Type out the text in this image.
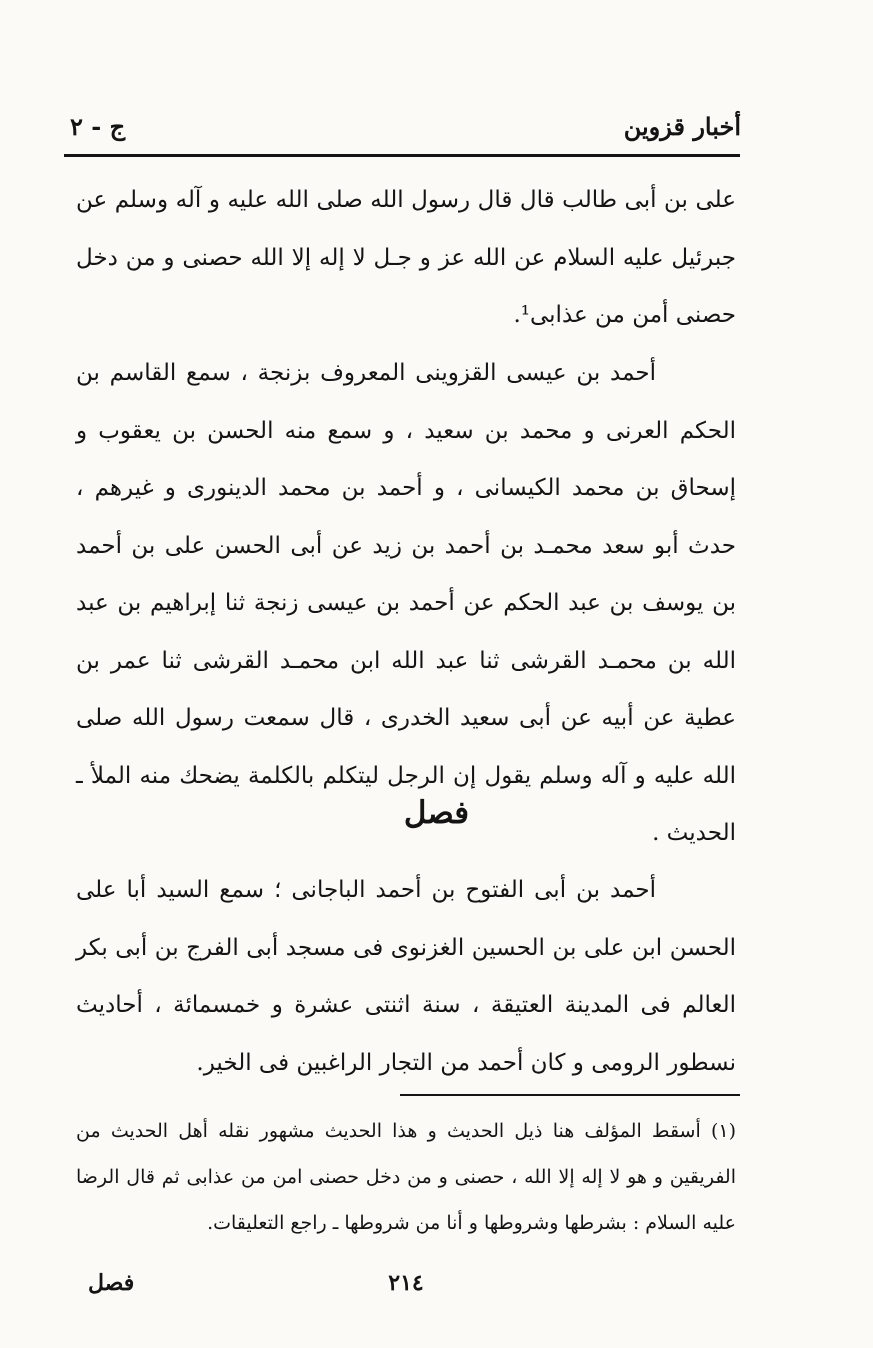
أخبار قزوين
ج - ٢

على بن أبى طالب قال قال رسول الله صلى الله عليه و آله وسلم عن جبرئيل عليه السلام عن الله عز و جـل لا إله إلا الله حصنى و من دخل حصنى أمن من عذابى¹.

أحمد بن عيسى القزوينى المعروف بزنجة ، سمع القاسم بن الحكم العرنى و محمد بن سعيد ، و سمع منه الحسن بن يعقوب و إسحاق بن محمد الكيسانى ، و أحمد بن محمد الدينورى و غيرهم ، حدث أبو سعد محمـد بن أحمد بن زيد عن أبى الحسن على بن أحمد بن يوسف بن عبد الحكم عن أحمد بن عيسى زنجة ثنا إبراهيم بن عبد الله بن محمـد القرشى ثنا عبد الله ابن محمـد القرشى ثنا عمر بن عطية عن أبيه عن أبى سعيد الخدرى ، قال سمعت رسول الله صلى الله عليه و آله وسلم يقول إن الرجل ليتكلم بالكلمة يضحك منه الملأ ـ الحديث .

فصل

أحمد بن أبى الفتوح بن أحمد الباجانى ؛ سمع السيد أبا على الحسن ابن على بن الحسين الغزنوى فى مسجد أبى الفرج بن أبى بكر العالم فى المدينة العتيقة ، سنة اثنتى عشرة و خمسمائة ، أحاديث نسطور الرومى و كان أحمد من التجار الراغبين فى الخير.

(١) أسقط المؤلف هنا ذيل الحديث و هذا الحديث مشهور نقله أهل الحديث من الفريقين و هو لا إله إلا الله ، حصنى و من دخل حصنى امن من عذابى ثم قال الرضا عليه السلام : بشرطها وشروطها و أنا من شروطها ـ راجع التعليقات.

٢١٤
فصل
